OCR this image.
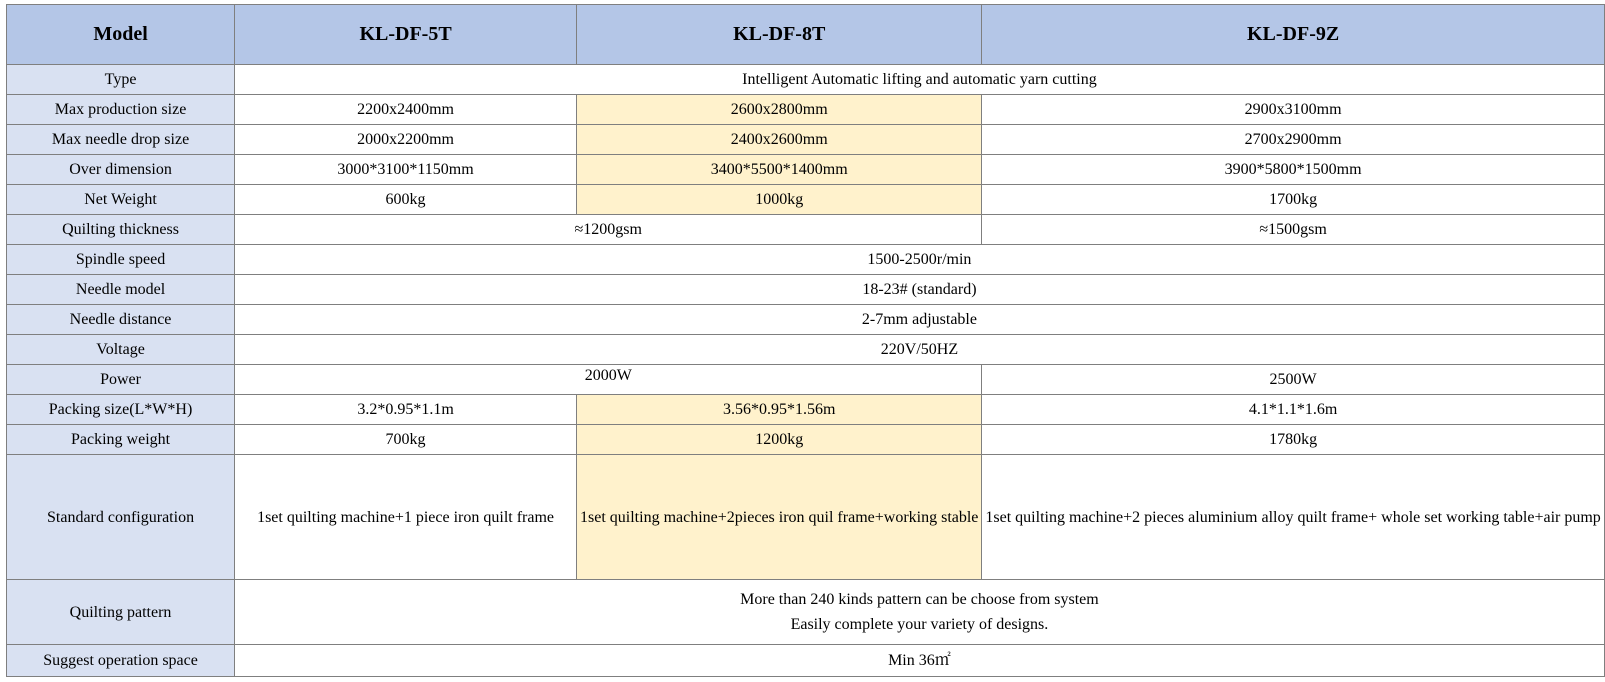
Model	KL-DF-5T	KL-DF-8T	KL-DF-9Z
Type	Intelligent Automatic lifting and automatic yarn cutting		
Max production size	2200x2400mm	2600x2800mm	2900x3100mm
Max needle drop size	2000x2200mm	2400x2600mm	2700x2900mm
Over dimension	3000*3100*1150mm	3400*5500*1400mm	3900*5800*1500mm
Net Weight	600kg	1000kg	1700kg
Quilting thickness	≈1200gsm		≈1500gsm
Spindle speed	1500-2500r/min		
Needle model	18-23# (standard)		
Needle distance	2-7mm adjustable		
Voltage	220V/50HZ		
Power	2000W		2500W
Packing size(L*W*H)	3.2*0.95*1.1m	3.56*0.95*1.56m	4.1*1.1*1.6m
Packing weight	700kg	1200kg	1780kg
Standard configuration	1set quilting machine+1 piece iron quilt frame	1set quilting machine+2pieces iron quil frame+working stable	1set quilting machine+2 pieces aluminium alloy quilt frame+ whole set working table+air pump
Quilting pattern	More than 240 kinds pattern can be choose from system
Easily complete your variety of designs.		

Suggest operation space	Min 36㎡		
